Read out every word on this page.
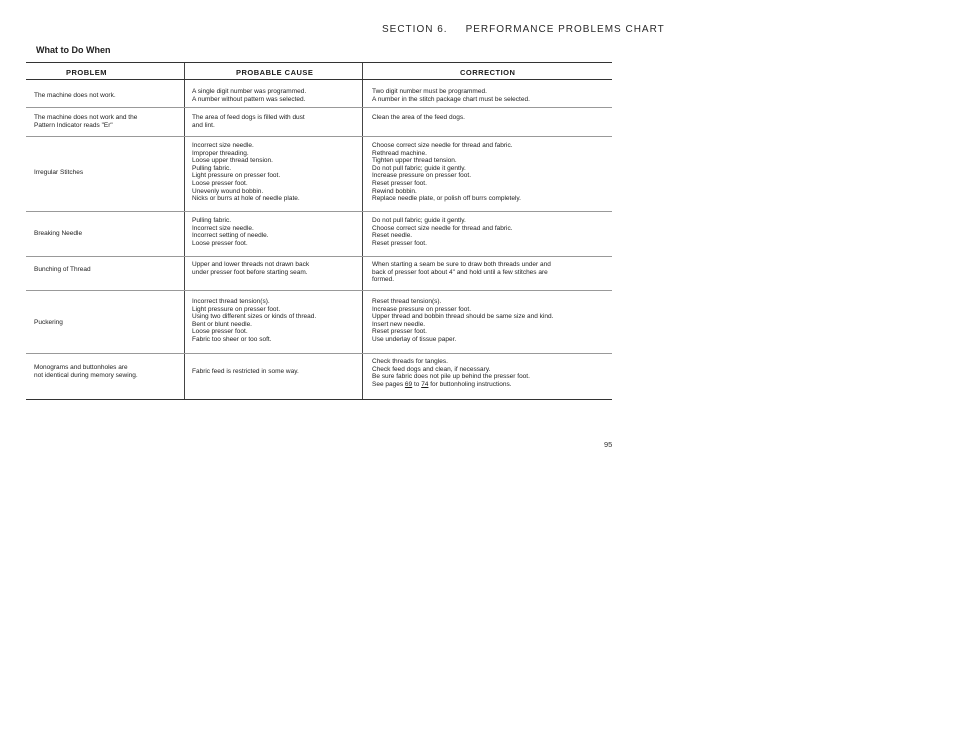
SECTION 6. PERFORMANCE PROBLEMS CHART
What to Do When
PROBLEM	PROBABLE CAUSE	CORRECTION
The machine does not work.
A single digit number was programmed.
A number without pattern was selected.
Two digit number must be programmed.
A number in the stitch package chart must be selected.
The machine does not work and the
Pattern Indicator reads "Er"
The area of feed dogs is filled with dust
and lint.
Clean the area of the feed dogs.
Irregular Stitches
Incorrect size needle.
Improper threading.
Loose upper thread tension.
Pulling fabric.
Light pressure on presser foot.
Loose presser foot.
Unevenly wound bobbin.
Nicks or burrs at hole of needle plate.
Choose correct size needle for thread and fabric.
Rethread machine.
Tighten upper thread tension.
Do not pull fabric; guide it gently.
Increase pressure on presser foot.
Reset presser foot.
Rewind bobbin.
Replace needle plate, or polish off burrs completely.
Breaking Needle
Pulling fabric.
Incorrect size needle.
Incorrect setting of needle.
Loose presser foot.
Do not pull fabric; guide it gently.
Choose correct size needle for thread and fabric.
Reset needle.
Reset presser foot.
Bunching of Thread
Upper and lower threads not drawn back
under presser foot before starting seam.
When starting a seam be sure to draw both threads under and
back of presser foot about 4" and hold until a few stitches are
formed.
Puckering
Incorrect thread tension(s).
Light pressure on presser foot.
Using two different sizes or kinds of thread.
Bent or blunt needle.
Loose presser foot.
Fabric too sheer or too soft.
Reset thread tension(s).
Increase pressure on presser foot.
Upper thread and bobbin thread should be same size and kind.
Insert new needle.
Reset presser foot.
Use underlay of tissue paper.
Monograms and buttonholes are
not identical during memory sewing.
Fabric feed is restricted in some way.
Check threads for tangles.
Check feed dogs and clean, if necessary.
Be sure fabric does not pile up behind the presser foot.
See pages 69 to 74 for buttonholing instructions.
95
